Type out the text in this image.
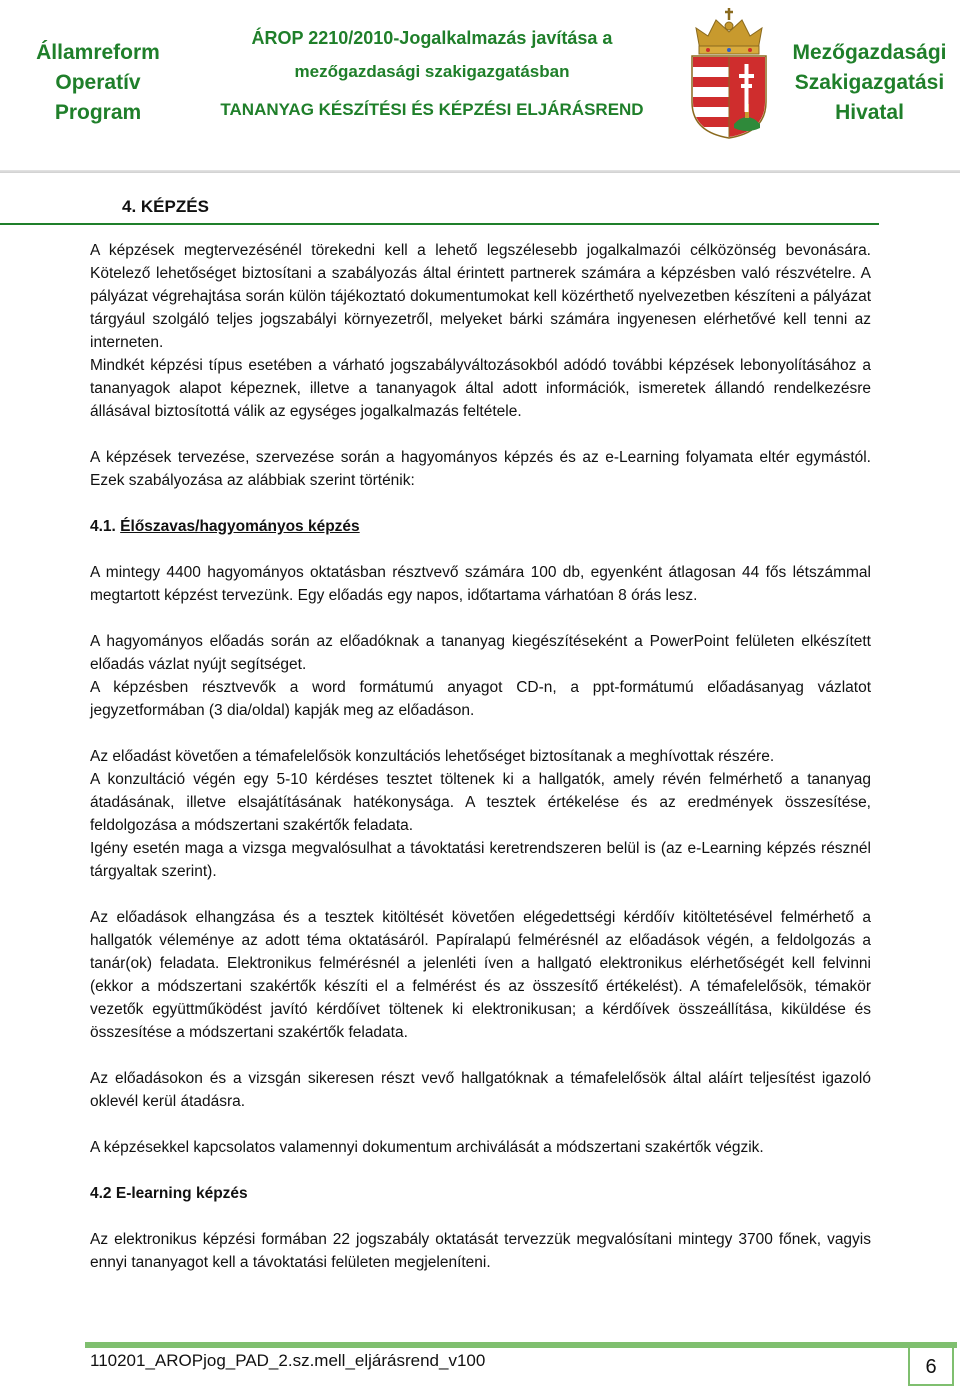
Államreform
Operatív
Program
ÁROP 2210/2010-Jogalkalmazás javítása a
mezőgazdasági szakigazgatásban
TANANYAG KÉSZÍTÉSI ÉS KÉPZÉSI ELJÁRÁSREND
Mezőgazdasági
Szakigazgatási
Hivatal
4. KÉPZÉS

A képzések megtervezésénél törekedni kell a lehető legszélesebb jogalkalmazói célközönség bevonására. Kötelező lehetőséget biztosítani a szabályozás által érintett partnerek számára a képzésben való részvételre. A pályázat végrehajtása során külön tájékoztató dokumentumokat kell közérthető nyelvezetben készíteni a pályázat tárgyául szolgáló teljes jogszabályi környezetről, melyeket bárki számára ingyenesen elérhetővé kell tenni az interneten.

Mindkét képzési típus esetében a várható jogszabályváltozásokból adódó további képzések lebonyolításához a tananyagok alapot képeznek, illetve a tananyagok által adott információk, ismeretek állandó rendelkezésre állásával biztosítottá válik az egységes jogalkalmazás feltétele.

A képzések tervezése, szervezése során a hagyományos képzés és az e-Learning folyamata eltér egymástól. Ezek szabályozása az alábbiak szerint történik:

4.1. Élőszavas/hagyományos képzés

A mintegy 4400 hagyományos oktatásban résztvevő számára 100 db, egyenként átlagosan 44 fős létszámmal megtartott képzést tervezünk. Egy előadás egy napos, időtartama várhatóan 8 órás lesz.

A hagyományos előadás során az előadóknak a tananyag kiegészítéseként a PowerPoint felületen elkészített előadás vázlat nyújt segítséget.

A képzésben résztvevők a word formátumú anyagot CD-n, a ppt-formátumú előadásanyag vázlatot jegyzetformában (3 dia/oldal) kapják meg az előadáson.

Az előadást követően a témafelelősök konzultációs lehetőséget biztosítanak a meghívottak részére.

A konzultáció végén egy 5-10 kérdéses tesztet töltenek ki a hallgatók, amely révén felmérhető a tananyag átadásának, illetve elsajátításának hatékonysága. A tesztek értékelése és az eredmények összesítése, feldolgozása a módszertani szakértők feladata.

Igény esetén maga a vizsga megvalósulhat a távoktatási keretrendszeren belül is (az e-Learning képzés résznél tárgyaltak szerint).

Az előadások elhangzása és a tesztek kitöltését követően elégedettségi kérdőív kitöltetésével felmérhető a hallgatók véleménye az adott téma oktatásáról. Papíralapú felmérésnél az előadások végén, a feldolgozás a tanár(ok) feladata. Elektronikus felmérésnél a jelenléti íven a hallgató elektronikus elérhetőségét kell felvinni (ekkor a módszertani szakértők készíti el a felmérést és az összesítő értékelést). A témafelelősök, témakör vezetők együttműködést javító kérdőívet töltenek ki elektronikusan; a kérdőívek összeállítása, kiküldése és összesítése a módszertani szakértők feladata.

Az előadásokon és a vizsgán sikeresen részt vevő hallgatóknak a témafelelősök által aláírt teljesítést igazoló oklevél kerül átadásra.

A képzésekkel kapcsolatos valamennyi dokumentum archiválását a módszertani szakértők végzik.

4.2 E-learning képzés

Az elektronikus képzési formában 22 jogszabály oktatását tervezzük megvalósítani mintegy 3700 főnek, vagyis ennyi tananyagot kell a távoktatási felületen megjeleníteni.

110201_AROPjog_PAD_2.sz.mell_eljárásrend_v100	6
